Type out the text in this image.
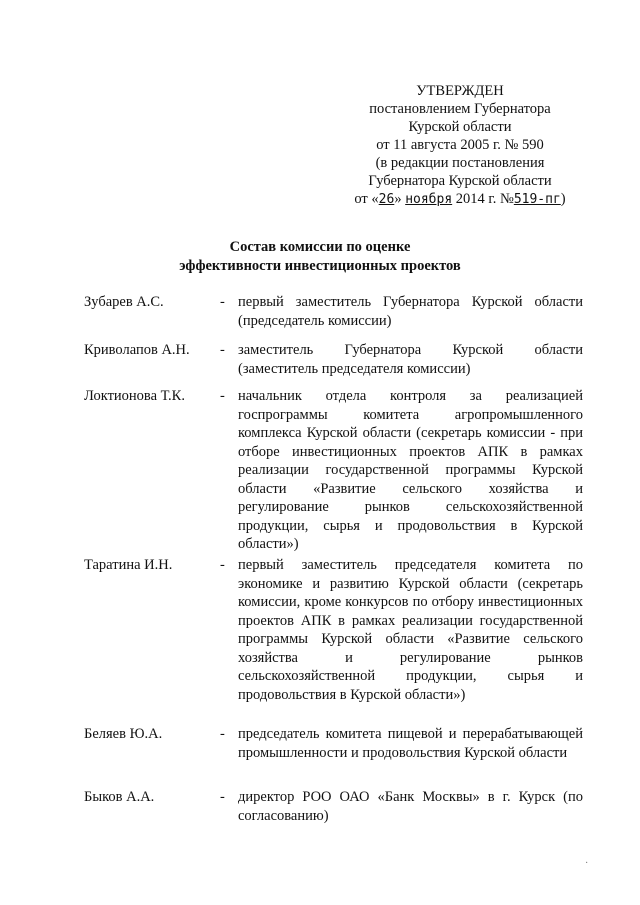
УТВЕРЖДЕН
постановлением Губернатора
Курской области
от 11 августа 2005 г. № 590
(в редакции постановления
Губернатора Курской области
от «26» ноября 2014 г. №519-пг)
Состав комиссии по оценке
эффективности инвестиционных проектов
Зубарев А.С.	- первый заместитель Губернатора Курской области (председатель комиссии)
Криволапов А.Н. - заместитель Губернатора Курской области (заместитель председателя комиссии)
Локтионова Т.К. - начальник отдела контроля за реализацией госпрограммы комитета агропромышленного комплекса Курской области (секретарь комиссии - при отборе инвестиционных проектов АПК в рамках реализации государственной программы Курской области «Развитие сельского хозяйства и регулирование рынков сельскохозяйственной продукции, сырья и продовольствия в Курской области»)
Таратина И.Н.	- первый заместитель председателя комитета по экономике и развитию Курской области (секретарь комиссии, кроме конкурсов по отбору инвестиционных проектов АПК в рамках реализации государственной программы Курской области «Развитие сельского хозяйства и регулирование рынков сельскохозяйственной продукции, сырья и продовольствия в Курской области»)
Беляев Ю.А.	- председатель комитета пищевой и перерабатывающей промышленности и продовольствия Курской области
Быков А.А.	- директор РОО ОАО «Банк Москвы» в г. Курск (по согласованию)
·
